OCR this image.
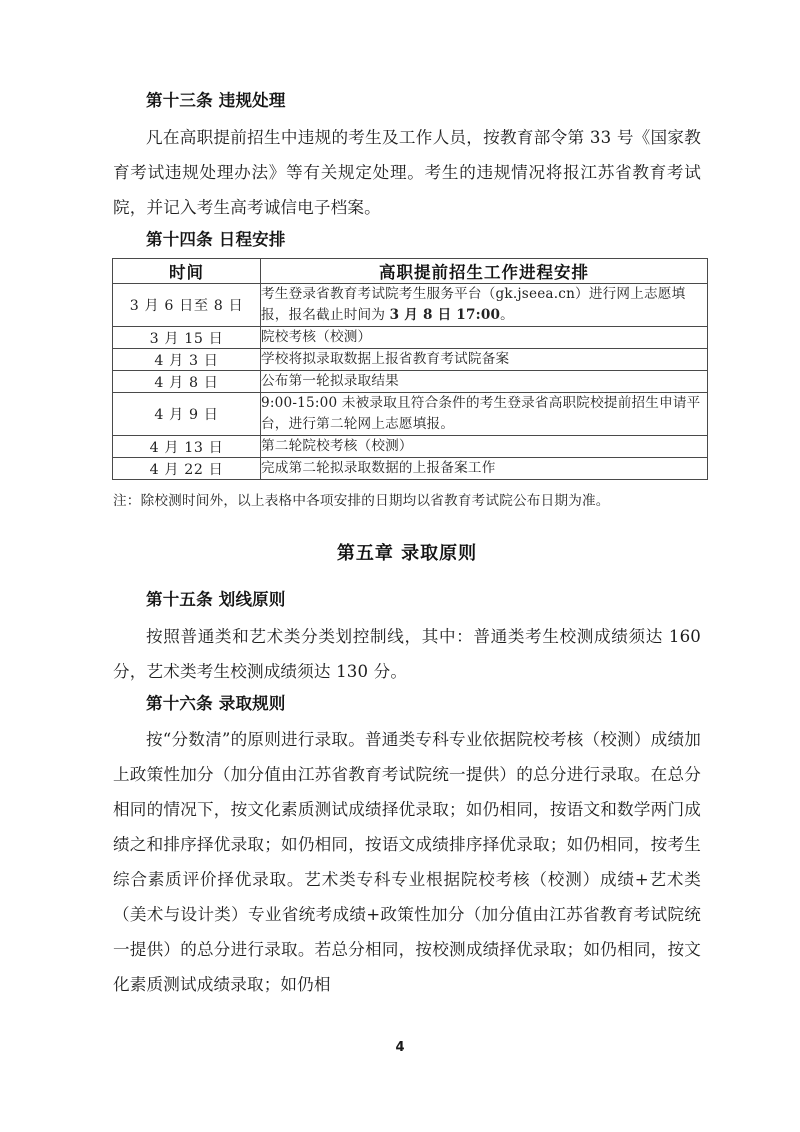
第十三条 违规处理

凡在高职提前招生中违规的考生及工作人员，按教育部令第 33 号《国家教育考试违规处理办法》等有关规定处理。考生的违规情况将报江苏省教育考试院，并记入考生高考诚信电子档案。

第十四条 日程安排
时间	高职提前招生工作进程安排
3 月 6 日至 8 日	考生登录省教育考试院考生服务平台（gk.jseea.cn）进行网上志愿填报，报名截止时间为 3 月 8 日 17:00。
3 月 15 日	院校考核（校测）
4 月 3 日	学校将拟录取数据上报省教育考试院备案
4 月 8 日	公布第一轮拟录取结果
4 月 9 日	9:00-15:00 未被录取且符合条件的考生登录省高职院校提前招生申请平台，进行第二轮网上志愿填报。
4 月 13 日	第二轮院校考核（校测）
4 月 22 日	完成第二轮拟录取数据的上报备案工作

注：除校测时间外，以上表格中各项安排的日期均以省教育考试院公布日期为准。

第五章 录取原则
第十五条 划线原则

按照普通类和艺术类分类划控制线，其中：普通类考生校测成绩须达 160 分，艺术类考生校测成绩须达 130 分。

第十六条 录取规则

按“分数清”的原则进行录取。普通类专科专业依据院校考核（校测）成绩加上政策性加分（加分值由江苏省教育考试院统一提供）的总分进行录取。在总分相同的情况下，按文化素质测试成绩择优录取；如仍相同，按语文和数学两门成绩之和排序择优录取；如仍相同，按语文成绩排序择优录取；如仍相同，按考生综合素质评价择优录取。艺术类专科专业根据院校考核（校测）成绩+艺术类（美术与设计类）专业省统考成绩+政策性加分（加分值由江苏省教育考试院统一提供）的总分进行录取。若总分相同，按校测成绩择优录取；如仍相同，按文化素质测试成绩录取；如仍相

4
